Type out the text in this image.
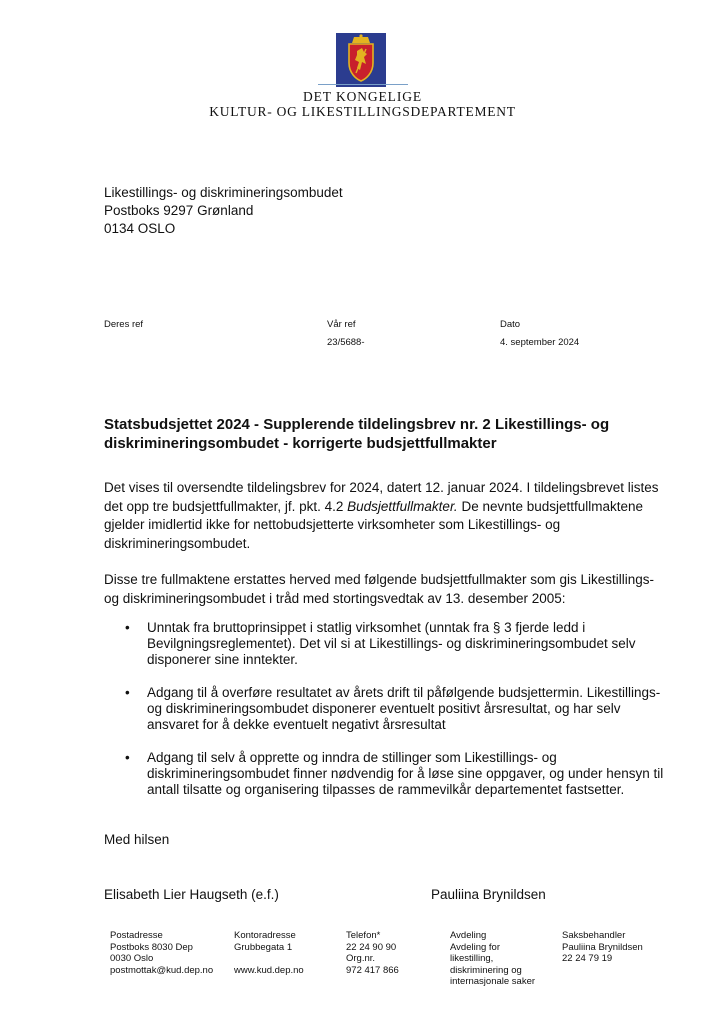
DET KONGELIGE
KULTUR- OG LIKESTILLINGSDEPARTEMENT
Likestillings- og diskrimineringsombudet
Postboks 9297 Grønland
0134 OSLO
Deres ref	Vår ref
23/5688-
Dato
4. september 2024
Statsbudsjettet 2024 - Supplerende tildelingsbrev nr. 2 Likestillings- og diskrimineringsombudet - korrigerte budsjettfullmakter
Det vises til oversendte tildelingsbrev for 2024, datert 12. januar 2024. I tildelingsbrevet listes det opp tre budsjettfullmakter, jf. pkt. 4.2 Budsjettfullmakter. De nevnte budsjettfullmaktene gjelder imidlertid ikke for nettobudsjetterte virksomheter som Likestillings- og diskrimineringsombudet.
Disse tre fullmaktene erstattes herved med følgende budsjettfullmakter som gis Likestillings- og diskrimineringsombudet i tråd med stortingsvedtak av 13. desember 2005:
• Unntak fra bruttoprinsippet i statlig virksomhet (unntak fra § 3 fjerde ledd i Bevilgningsreglementet). Det vil si at Likestillings- og diskrimineringsombudet selv disponerer sine inntekter.
• Adgang til å overføre resultatet av årets drift til påfølgende budsjettermin. Likestillings- og diskrimineringsombudet disponerer eventuelt positivt årsresultat, og har selv ansvaret for å dekke eventuelt negativt årsresultat
• Adgang til selv å opprette og inndra de stillinger som Likestillings- og diskrimineringsombudet finner nødvendig for å løse sine oppgaver, og under hensyn til antall tilsatte og organisering tilpasses de rammevilkår departementet fastsetter.
Med hilsen
Elisabeth Lier Haugseth (e.f.)	Pauliina Brynildsen
Postadresse
Postboks 8030 Dep
0030 Oslo
postmottak@kud.dep.no
Kontoradresse
Grubbegata 1

www.kud.dep.no
Telefon*
22 24 90 90
Org.nr.
972 417 866
Avdeling
Avdeling for
likestilling,
diskriminering og
internasjonale saker
Saksbehandler
Pauliina Brynildsen
22 24 79 19
